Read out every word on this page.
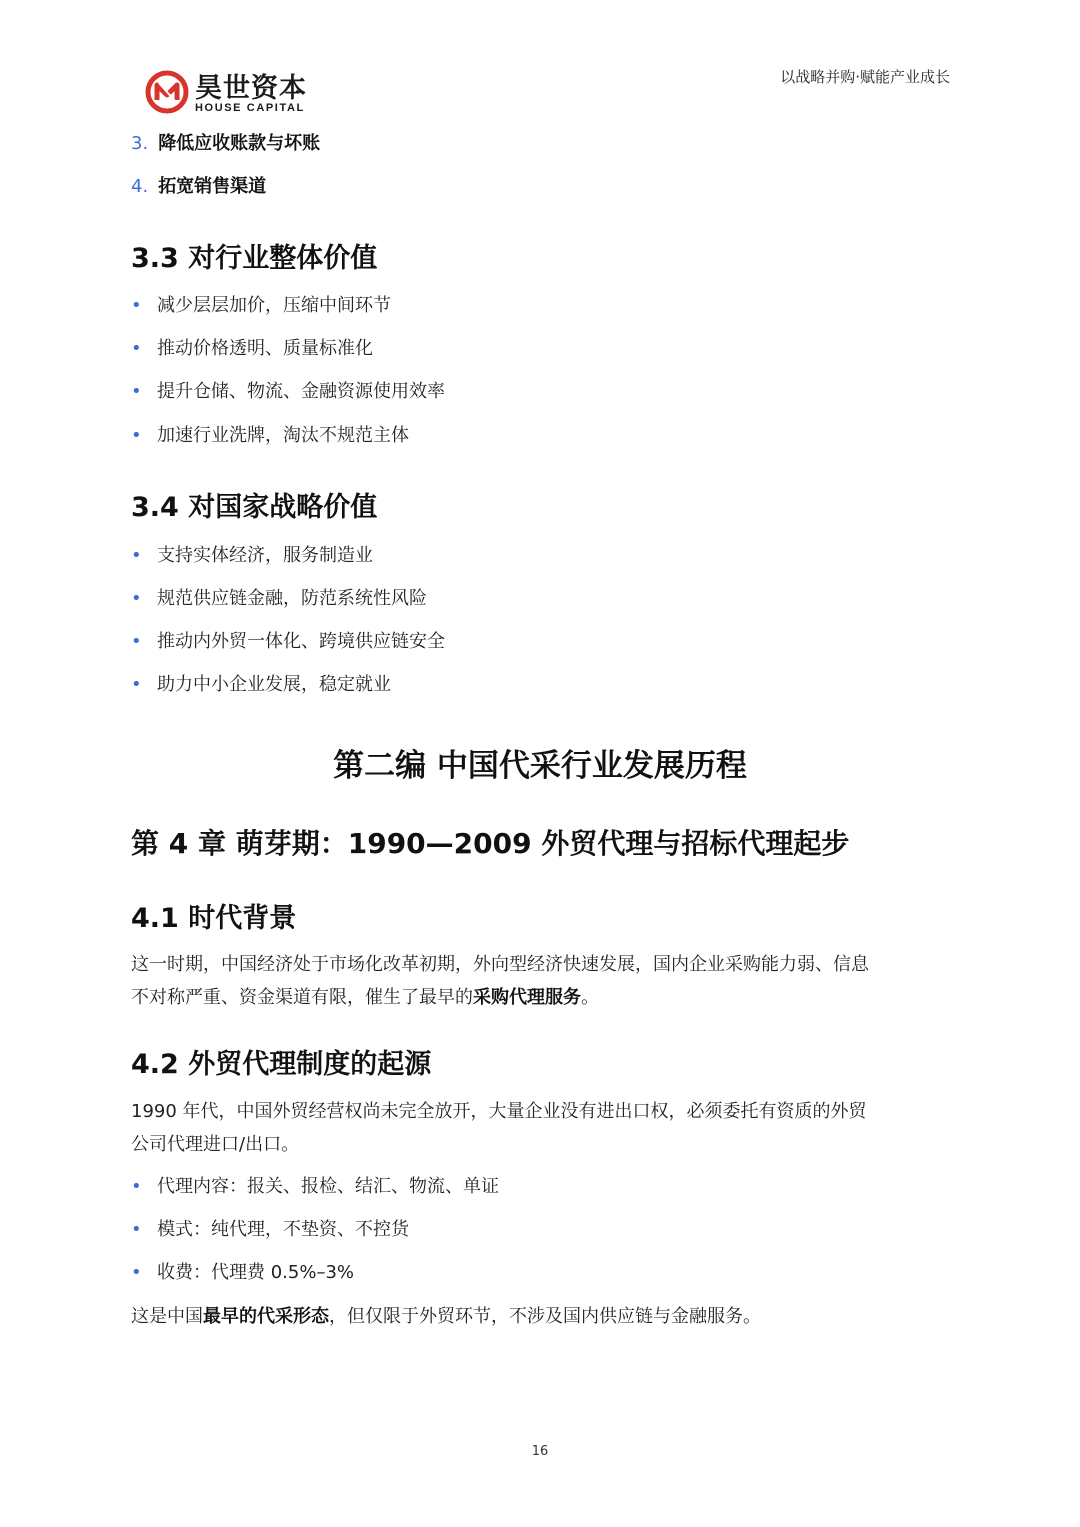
昊世资本
HOUSE CAPITAL
以战略并购·赋能产业成长
3. 降低应收账款与坏账
4. 拓宽销售渠道
3.3 对行业整体价值
• 减少层层加价，压缩中间环节
• 推动价格透明、质量标准化
• 提升仓储、物流、金融资源使用效率
• 加速行业洗牌，淘汰不规范主体
3.4 对国家战略价值
• 支持实体经济，服务制造业
• 规范供应链金融，防范系统性风险
• 推动内外贸一体化、跨境供应链安全
• 助力中小企业发展，稳定就业
第二编 中国代采行业发展历程
第 4 章 萌芽期：1990—2009 外贸代理与招标代理起步
4.1 时代背景
这一时期，中国经济处于市场化改革初期，外向型经济快速发展，国内企业采购能力弱、信息
不对称严重、资金渠道有限，催生了最早的采购代理服务。
4.2 外贸代理制度的起源
1990 年代，中国外贸经营权尚未完全放开，大量企业没有进出口权，必须委托有资质的外贸
公司代理进口/出口。
• 代理内容：报关、报检、结汇、物流、单证
• 模式：纯代理，不垫资、不控货
• 收费：代理费 0.5%–3%
这是中国最早的代采形态，但仅限于外贸环节，不涉及国内供应链与金融服务。
16
